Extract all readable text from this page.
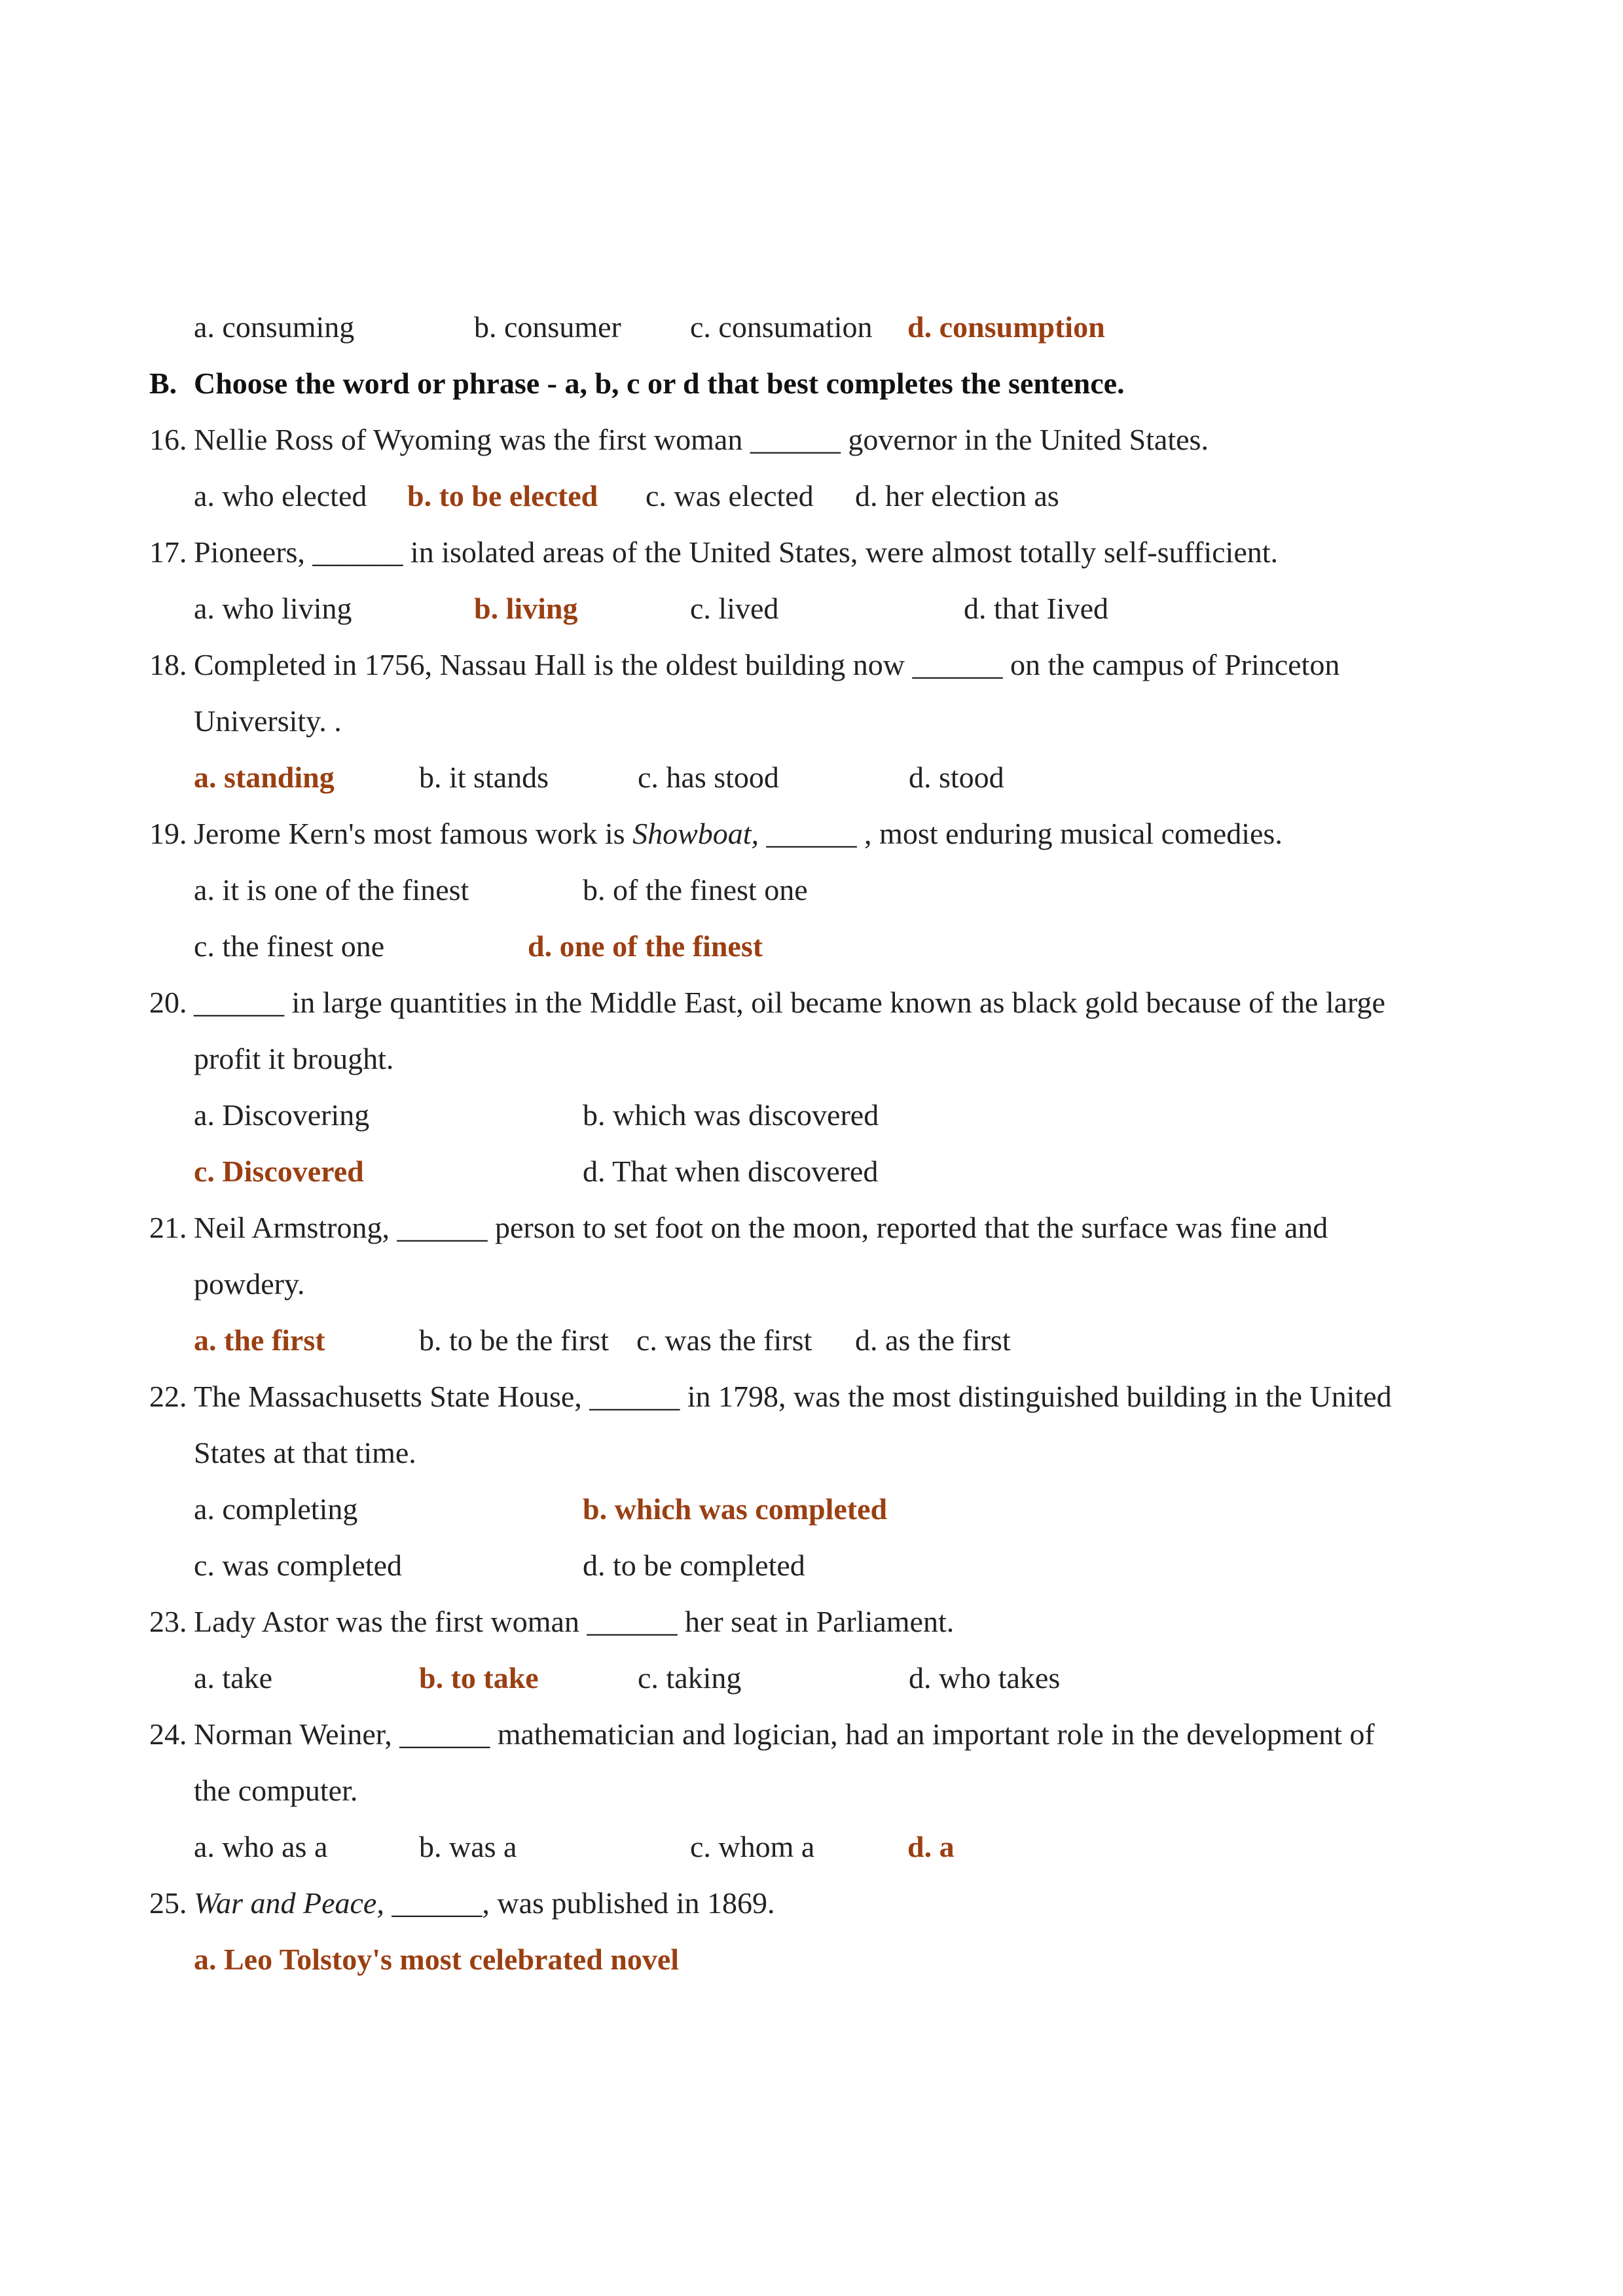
a. consuming	b. consumer c. consumation d. consumption
B. Choose the word or phrase - a, b, c or d that best completes the sentence.
16. Nellie Ross of Wyoming was the first woman ______ governor in the United States.
a. who elected b. to be elected c. was elected d. her election as
17. Pioneers, ______ in isolated areas of the United States, were almost totally self-sufficient.
a. who living	b. living	c. lived	d. that Iived
18. Completed in 1756, Nassau Hall is the oldest building now ______ on the campus of Princeton
University. .
a. standing	b. it stands	c. has stood	d. stood
19. Jerome Kern's most famous work is Showboat, ______ , most enduring musical comedies.
a. it is one of the finest	b. of the finest one
c. the finest one	d. one of the finest
20. ______ in large quantities in the Middle East, oil became known as black gold because of the large
profit it brought.
a. Discovering	b. which was discovered
c. Discovered	d. That when discovered
21. Neil Armstrong, ______ person to set foot on the moon, reported that the surface was fine and
powdery.
a. the first	b. to be the first c. was the first d. as the first
22. The Massachusetts State House, ______ in 1798, was the most distinguished building in the United
States at that time.
a. completing	b. which was completed
c. was completed	d. to be completed
23. Lady Astor was the first woman ______ her seat in Parliament.
a. take	b. to take	c. taking	d. who takes
24. Norman Weiner, ______ mathematician and logician, had an important role in the development of
the computer.
a. who as a	b. was a	c. whom a	d. a
25. War and Peace, ______, was published in 1869.
a. Leo Tolstoy's most celebrated novel
